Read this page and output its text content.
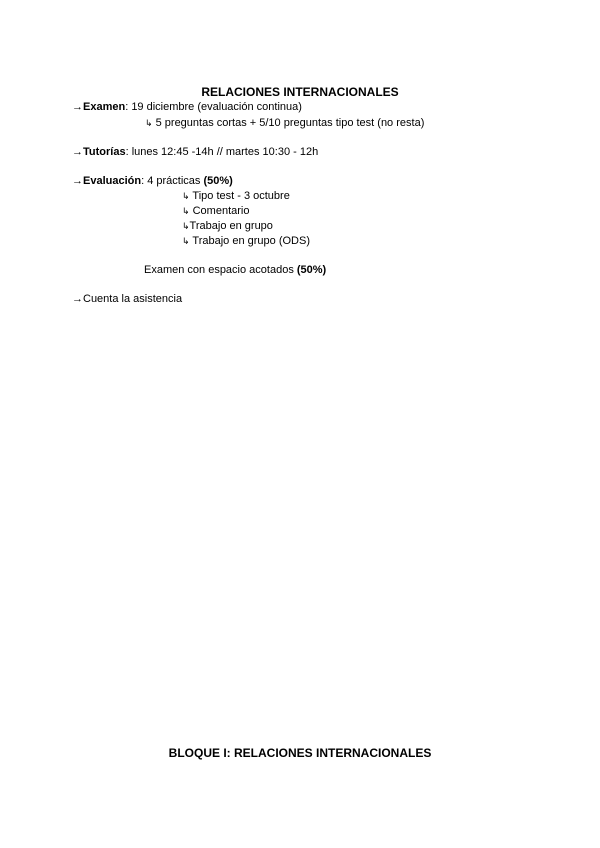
RELACIONES INTERNACIONALES
→Examen: 19 diciembre (evaluación continua)
↳ 5 preguntas cortas + 5/10 preguntas tipo test (no resta)
→Tutorías: lunes 12:45 -14h // martes 10:30 - 12h
→Evaluación: 4 prácticas (50%)
↳ Tipo test - 3 octubre
↳ Comentario
↳Trabajo en grupo
↳ Trabajo en grupo (ODS)
Examen con espacio acotados (50%)
→Cuenta la asistencia
BLOQUE I: RELACIONES INTERNACIONALES
